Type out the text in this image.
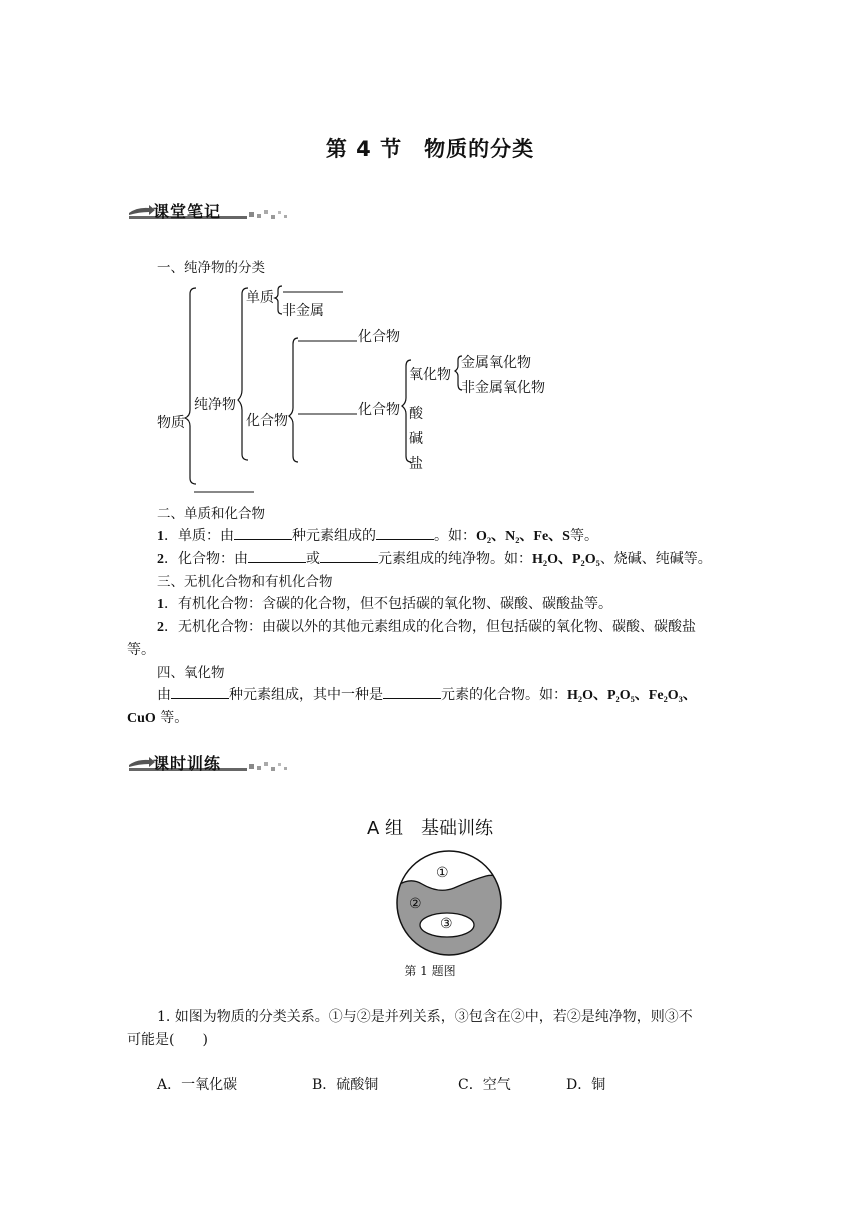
第 4 节　物质的分类
课堂笔记
一、纯净物的分类
物质
纯净物
单质
非金属
化合物
化合物
化合物
氧化物
金属氧化物
非金属氧化物
酸
碱
盐
二、单质和化合物
1．单质：由	种元素组成的	。如：O₂、N₂、Fe、S等。
2．化合物：由	或	元素组成的纯净物。如：H₂O、P₂O₅、烧碱、纯碱等。
三、无机化合物和有机化合物
1．有机化合物：含碳的化合物，但不包括碳的氧化物、碳酸、碳酸盐等。
2．无机化合物：由碳以外的其他元素组成的化合物，但包括碳的氧化物、碳酸、碳酸盐
等。
四、氧化物
由	种元素组成，其中一种是	元素的化合物。如：H₂O、P₂O₅、Fe₂O₃、
CuO 等。
课时训练
A 组　基础训练
①
②
③
第 1 题图
1. 如图为物质的分类关系。①与②是并列关系，③包含在②中，若②是纯净物，则③不
可能是(　　)
A．一氧化碳	B．硫酸铜	C．空气	D．铜
